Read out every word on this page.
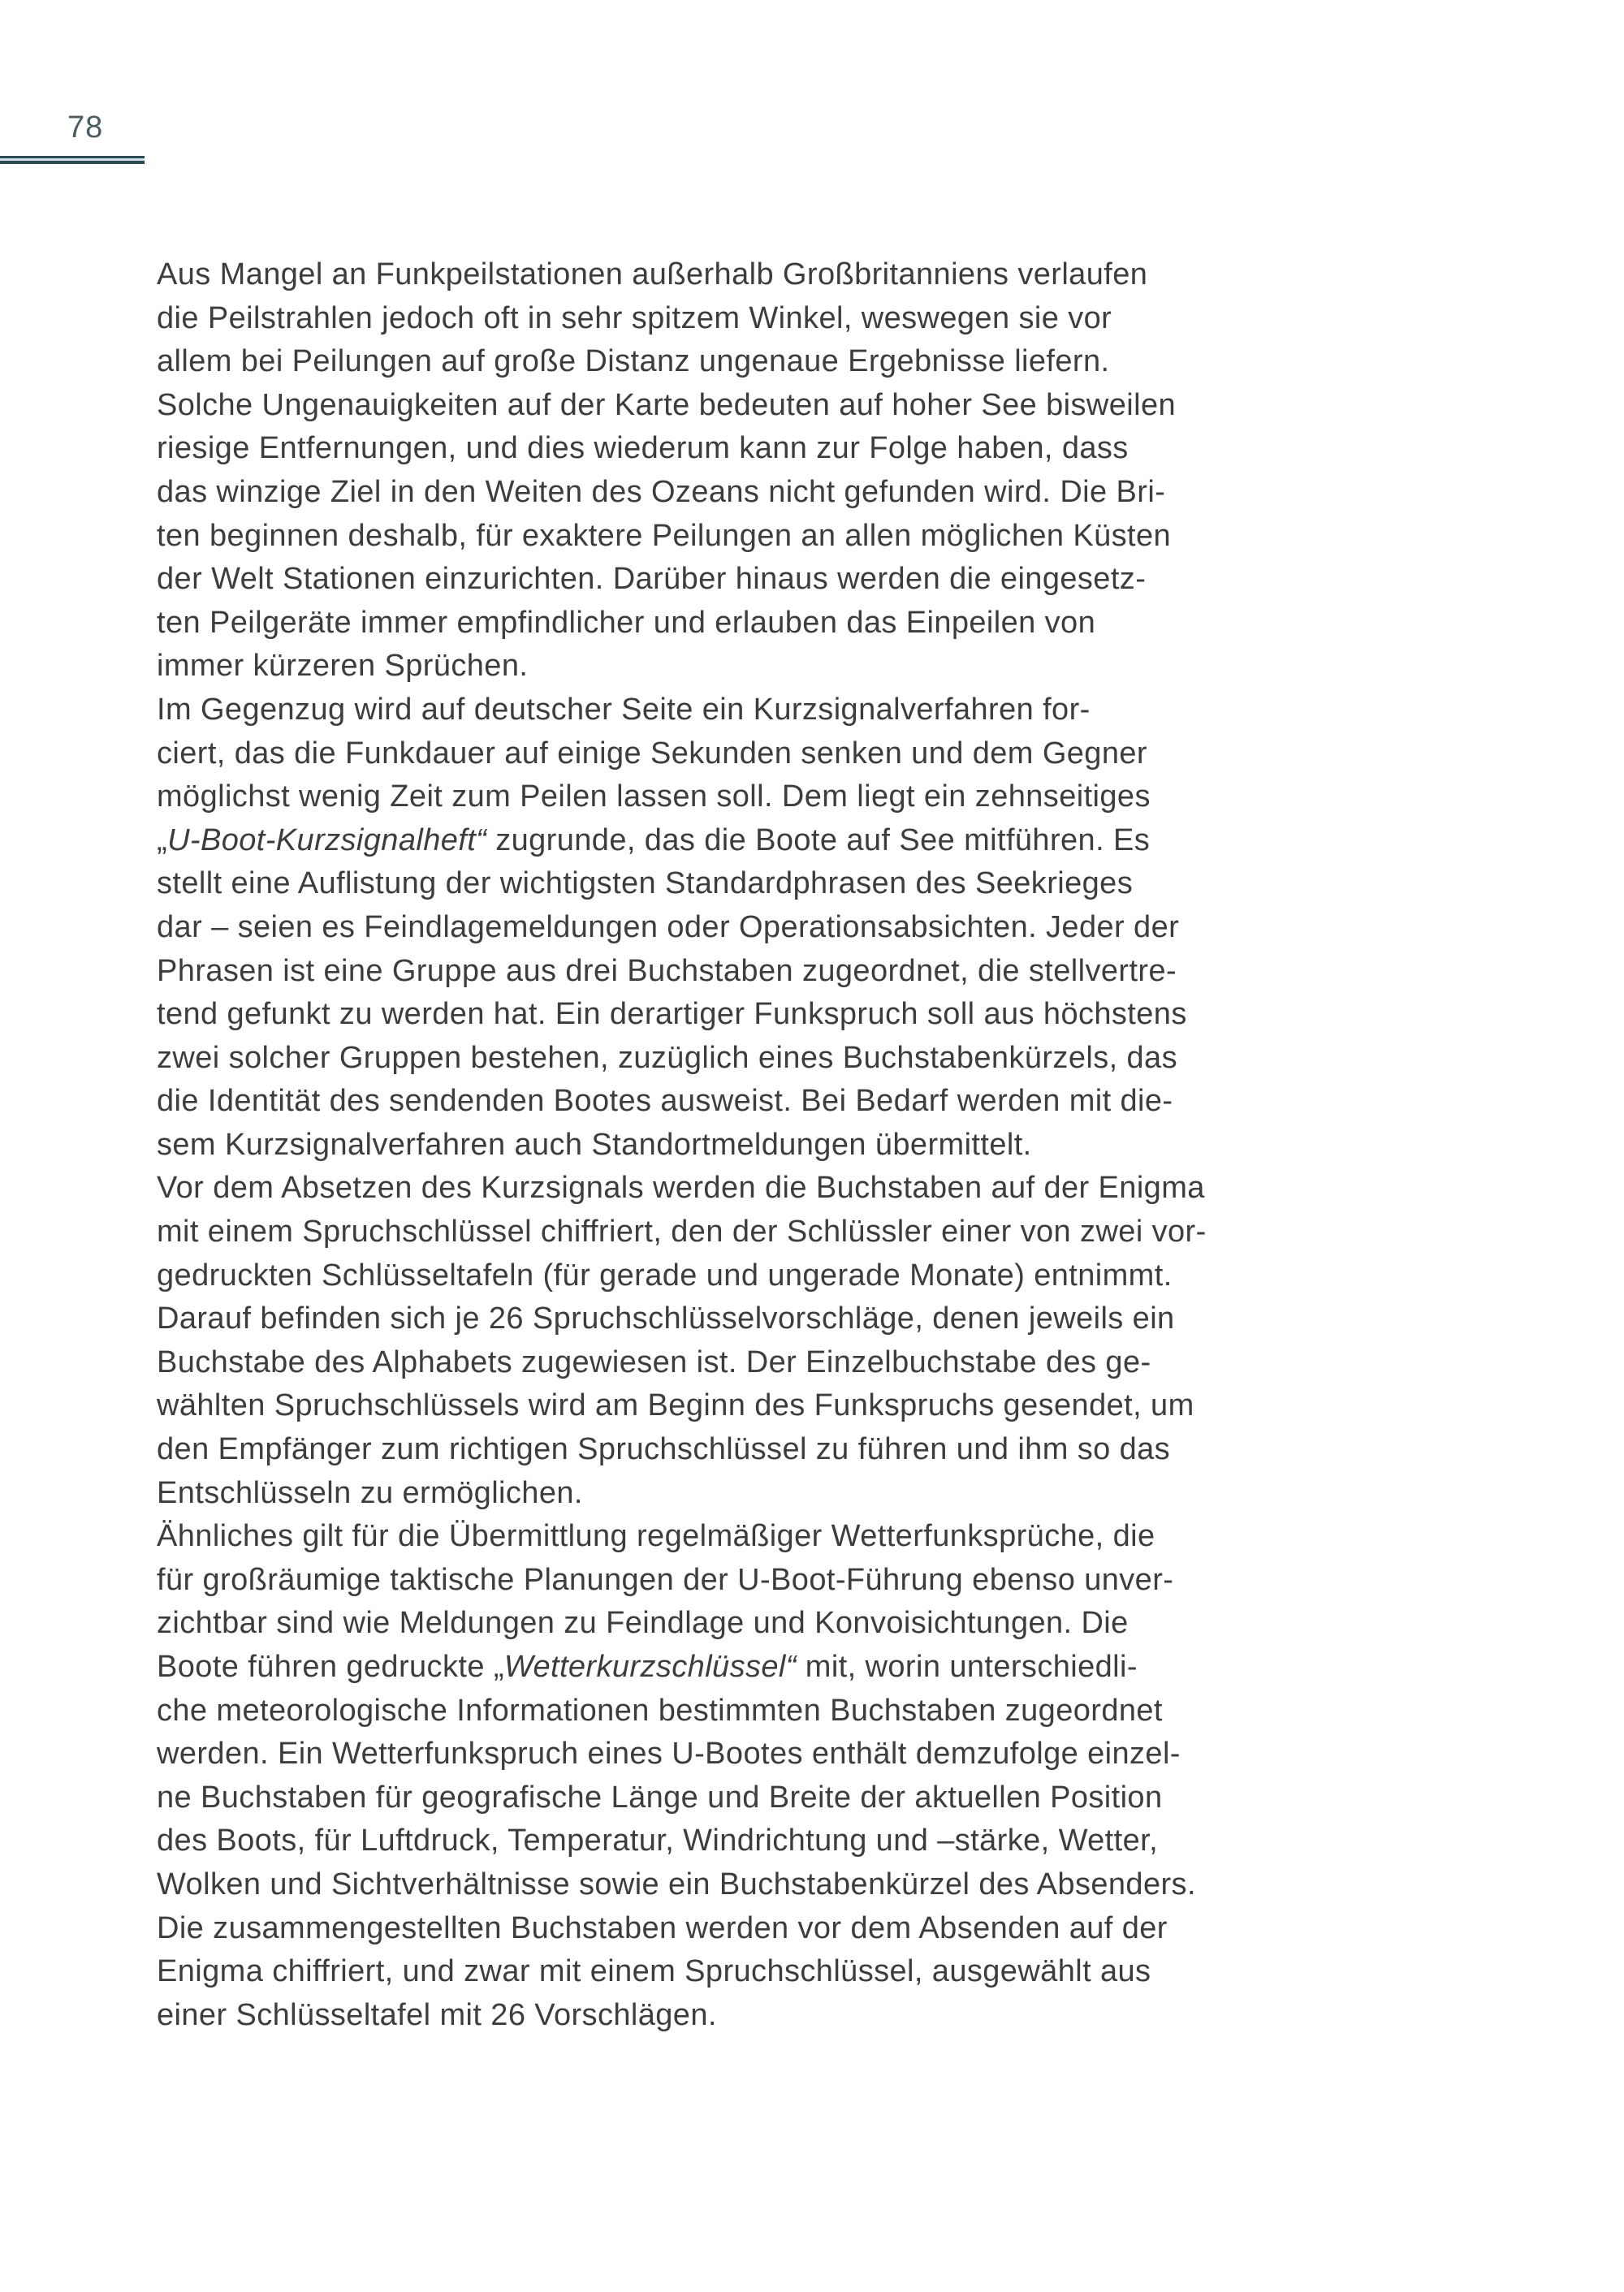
78
Aus Mangel an Funkpeilstationen außerhalb Großbritanniens verlaufen
die Peilstrahlen jedoch oft in sehr spitzem Winkel, weswegen sie vor
allem bei Peilungen auf große Distanz ungenaue Ergebnisse liefern.
Solche Ungenauigkeiten auf der Karte bedeuten auf hoher See bisweilen
riesige Entfernungen, und dies wiederum kann zur Folge haben, dass
das winzige Ziel in den Weiten des Ozeans nicht gefunden wird. Die Bri-
ten beginnen deshalb, für exaktere Peilungen an allen möglichen Küsten
der Welt Stationen einzurichten. Darüber hinaus werden die eingesetz-
ten Peilgeräte immer empfindlicher und erlauben das Einpeilen von
immer kürzeren Sprüchen.
Im Gegenzug wird auf deutscher Seite ein Kurzsignalverfahren for-
ciert, das die Funkdauer auf einige Sekunden senken und dem Gegner
möglichst wenig Zeit zum Peilen lassen soll. Dem liegt ein zehnseitiges
„U-Boot-Kurzsignalheft“ zugrunde, das die Boote auf See mitführen. Es
stellt eine Auflistung der wichtigsten Standardphrasen des Seekrieges
dar – seien es Feindlagemeldungen oder Operationsabsichten. Jeder der
Phrasen ist eine Gruppe aus drei Buchstaben zugeordnet, die stellvertre-
tend gefunkt zu werden hat. Ein derartiger Funkspruch soll aus höchstens
zwei solcher Gruppen bestehen, zuzüglich eines Buchstabenkürzels, das
die Identität des sendenden Bootes ausweist. Bei Bedarf werden mit die-
sem Kurzsignalverfahren auch Standortmeldungen übermittelt.
Vor dem Absetzen des Kurzsignals werden die Buchstaben auf der Enigma
mit einem Spruchschlüssel chiffriert, den der Schlüssler einer von zwei vor-
gedruckten Schlüsseltafeln (für gerade und ungerade Monate) entnimmt.
Darauf befinden sich je 26 Spruchschlüsselvorschläge, denen jeweils ein
Buchstabe des Alphabets zugewiesen ist. Der Einzelbuchstabe des ge-
wählten Spruchschlüssels wird am Beginn des Funkspruchs gesendet, um
den Empfänger zum richtigen Spruchschlüssel zu führen und ihm so das
Entschlüsseln zu ermöglichen.
Ähnliches gilt für die Übermittlung regelmäßiger Wetterfunksprüche, die
für großräumige taktische Planungen der U-Boot-Führung ebenso unver-
zichtbar sind wie Meldungen zu Feindlage und Konvoisichtungen. Die
Boote führen gedruckte „Wetterkurzschlüssel“ mit, worin unterschiedli-
che meteorologische Informationen bestimmten Buchstaben zugeordnet
werden. Ein Wetterfunkspruch eines U-Bootes enthält demzufolge einzel-
ne Buchstaben für geografische Länge und Breite der aktuellen Position
des Boots, für Luftdruck, Temperatur, Windrichtung und –stärke, Wetter,
Wolken und Sichtverhältnisse sowie ein Buchstabenkürzel des Absenders.
Die zusammengestellten Buchstaben werden vor dem Absenden auf der
Enigma chiffriert, und zwar mit einem Spruchschlüssel, ausgewählt aus
einer Schlüsseltafel mit 26 Vorschlägen.
